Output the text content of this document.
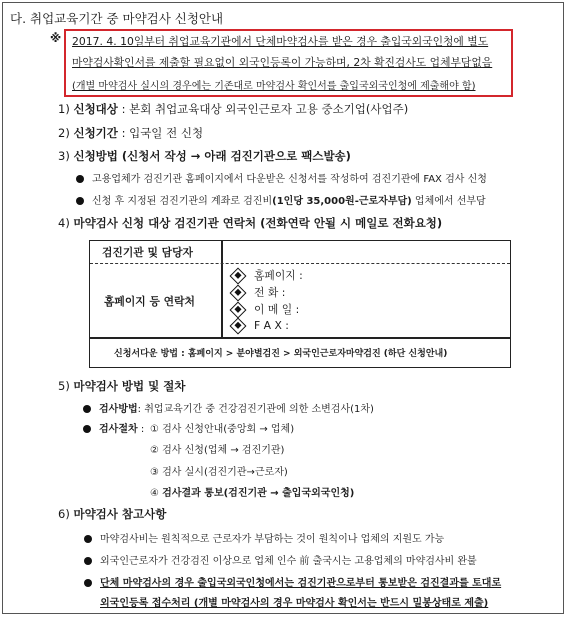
다. 취업교육기간 중 마약검사 신청안내
※ 2017. 4. 10일부터 취업교육기관에서 단체마약검사를 받은 경우 출입국외국인청에 별도
마약검사확인서를 제출할 필요없이 외국인등록이 가능하며, 2차 확진검사도 업체부담없음
(개별 마약검사 실시의 경우에는 기존대로 마약검사 확인서를 출입국외국인청에 제출해야 함)
1) 신청대상 : 본회 취업교육대상 외국인근로자 고용 중소기업(사업주)
2) 신청기간 : 입국일 전 신청
3) 신청방법 (신청서 작성 → 아래 검진기관으로 팩스발송)
고용업체가 검진기관 홈페이지에서 다운받은 신청서를 작성하여 검진기관에 FAX 검사 신청
신청 후 지정된 검진기관의 계좌로 검진비(1인당 35,000원-근로자부담) 업체에서 선부담
4) 마약검사 신청 대상 검진기관 연락처 (전화연락 안될 시 메일로 전화요청)
검진기관 및 담당자
홈페이지 등 연락처
홈페이지 :
전 화 :
이 메 일 :
F A X :
신청서다운 방법 : 홈페이지 > 분야별검진 > 외국인근로자마약검진 (하단 신청안내)
5) 마약검사 방법 및 절차
검사방법: 취업교육기간 중 건강검진기관에 의한 소변검사(1차)
검사절차 : ① 검사 신청안내(중앙회 → 업체)
② 검사 신청(업체 → 검진기관)
③ 검사 실시(검진기관→근로자)
④ 검사결과 통보(검진기관 → 출입국외국인청)
6) 마약검사 참고사항
마약검사비는 원칙적으로 근로자가 부담하는 것이 원칙이나 업체의 지원도 가능
외국인근로자가 건강검진 이상으로 업체 인수 前 출국시는 고용업체의 마약검사비 완불
단체 마약검사의 경우 출입국외국인청에서는 검진기관으로부터 통보받은 검진결과를 토대로
외국인등록 접수처리 (개별 마약검사의 경우 마약검사 확인서는 반드시 밀봉상태로 제출)
